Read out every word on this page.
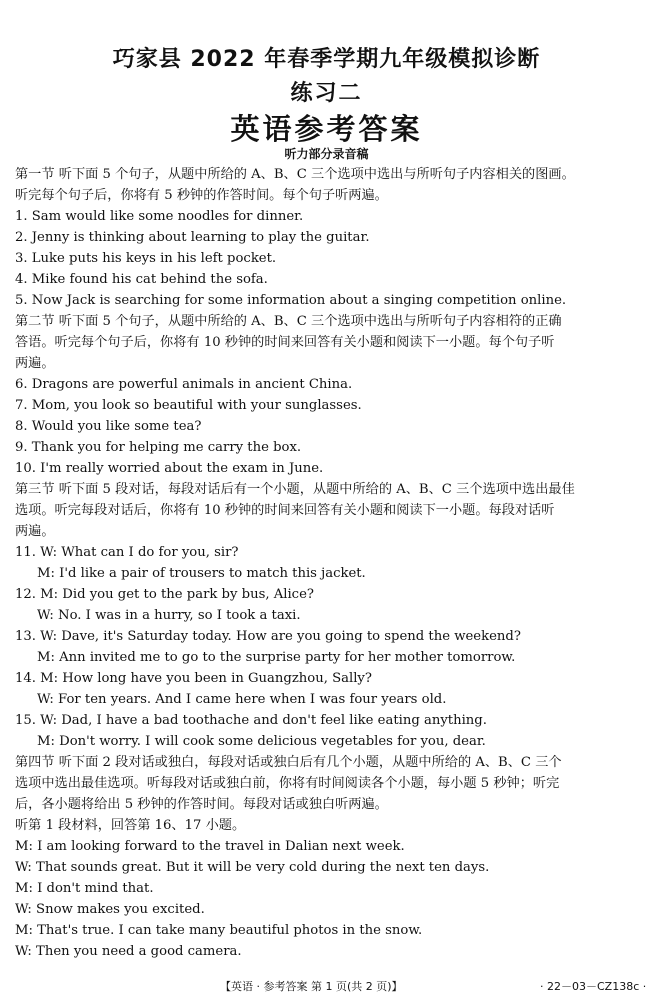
巧家县 2022 年春季学期九年级模拟诊断
练习二
英语参考答案
听力部分录音稿
第一节 听下面 5 个句子，从题中所给的 A、B、C 三个选项中选出与所听句子内容相关的图画。
听完每个句子后，你将有 5 秒钟的作答时间。每个句子听两遍。
1. Sam would like some noodles for dinner.
2. Jenny is thinking about learning to play the guitar.
3. Luke puts his keys in his left pocket.
4. Mike found his cat behind the sofa.
5. Now Jack is searching for some information about a singing competition online.
第二节 听下面 5 个句子，从题中所给的 A、B、C 三个选项中选出与所听句子内容相符的正确
答语。听完每个句子后，你将有 10 秒钟的时间来回答有关小题和阅读下一小题。每个句子听
两遍。
6. Dragons are powerful animals in ancient China.
7. Mom, you look so beautiful with your sunglasses.
8. Would you like some tea?
9. Thank you for helping me carry the box.
10. I'm really worried about the exam in June.
第三节 听下面 5 段对话，每段对话后有一个小题，从题中所给的 A、B、C 三个选项中选出最佳
选项。听完每段对话后，你将有 10 秒钟的时间来回答有关小题和阅读下一小题。每段对话听
两遍。
11. W: What can I do for you, sir?
M: I'd like a pair of trousers to match this jacket.
12. M: Did you get to the park by bus, Alice?
W: No. I was in a hurry, so I took a taxi.
13. W: Dave, it's Saturday today. How are you going to spend the weekend?
M: Ann invited me to go to the surprise party for her mother tomorrow.
14. M: How long have you been in Guangzhou, Sally?
W: For ten years. And I came here when I was four years old.
15. W: Dad, I have a bad toothache and don't feel like eating anything.
M: Don't worry. I will cook some delicious vegetables for you, dear.
第四节 听下面 2 段对话或独白，每段对话或独白后有几个小题，从题中所给的 A、B、C 三个
选项中选出最佳选项。听每段对话或独白前，你将有时间阅读各个小题，每小题 5 秒钟；听完
后，各小题将给出 5 秒钟的作答时间。每段对话或独白听两遍。
听第 1 段材料，回答第 16、17 小题。
M: I am looking forward to the travel in Dalian next week.
W: That sounds great. But it will be very cold during the next ten days.
M: I don't mind that.
W: Snow makes you excited.
M: That's true. I can take many beautiful photos in the snow.
W: Then you need a good camera.
【英语 · 参考答案 第 1 页(共 2 页)】	· 22－03－CZ138c ·
